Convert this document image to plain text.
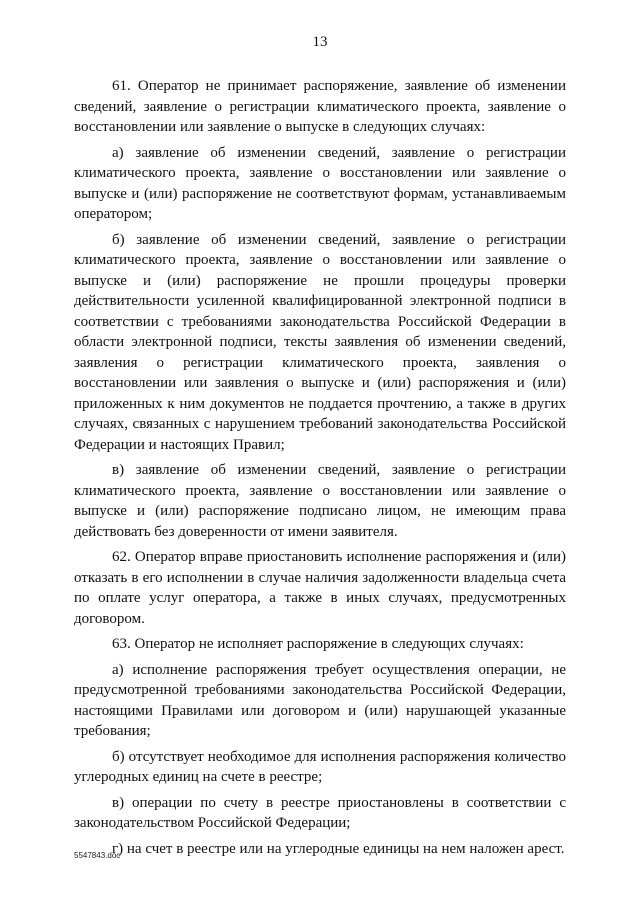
13

61. Оператор не принимает распоряжение, заявление об изменении сведений, заявление о регистрации климатического проекта, заявление о восстановлении или заявление о выпуске в следующих случаях:

а) заявление об изменении сведений, заявление о регистрации климатического проекта, заявление о восстановлении или заявление о выпуске и (или) распоряжение не соответствуют формам, устанавливаемым оператором;

б) заявление об изменении сведений, заявление о регистрации климатического проекта, заявление о восстановлении или заявление о выпуске и (или) распоряжение не прошли процедуры проверки действительности усиленной квалифицированной электронной подписи в соответствии с требованиями законодательства Российской Федерации в области электронной подписи, тексты заявления об изменении сведений, заявления о регистрации климатического проекта, заявления о восстановлении или заявления о выпуске и (или) распоряжения и (или) приложенных к ним документов не поддается прочтению, а также в других случаях, связанных с нарушением требований законодательства Российской Федерации и настоящих Правил;

в) заявление об изменении сведений, заявление о регистрации климатического проекта, заявление о восстановлении или заявление о выпуске и (или) распоряжение подписано лицом, не имеющим права действовать без доверенности от имени заявителя.

62. Оператор вправе приостановить исполнение распоряжения и (или) отказать в его исполнении в случае наличия задолженности владельца счета по оплате услуг оператора, а также в иных случаях, предусмотренных договором.

63. Оператор не исполняет распоряжение в следующих случаях:

а) исполнение распоряжения требует осуществления операции, не предусмотренной требованиями законодательства Российской Федерации, настоящими Правилами или договором и (или) нарушающей указанные требования;

б) отсутствует необходимое для исполнения распоряжения количество углеродных единиц на счете в реестре;

в) операции по счету в реестре приостановлены в соответствии с законодательством Российской Федерации;

г) на счет в реестре или на углеродные единицы на нем наложен арест.

5547843.doc
